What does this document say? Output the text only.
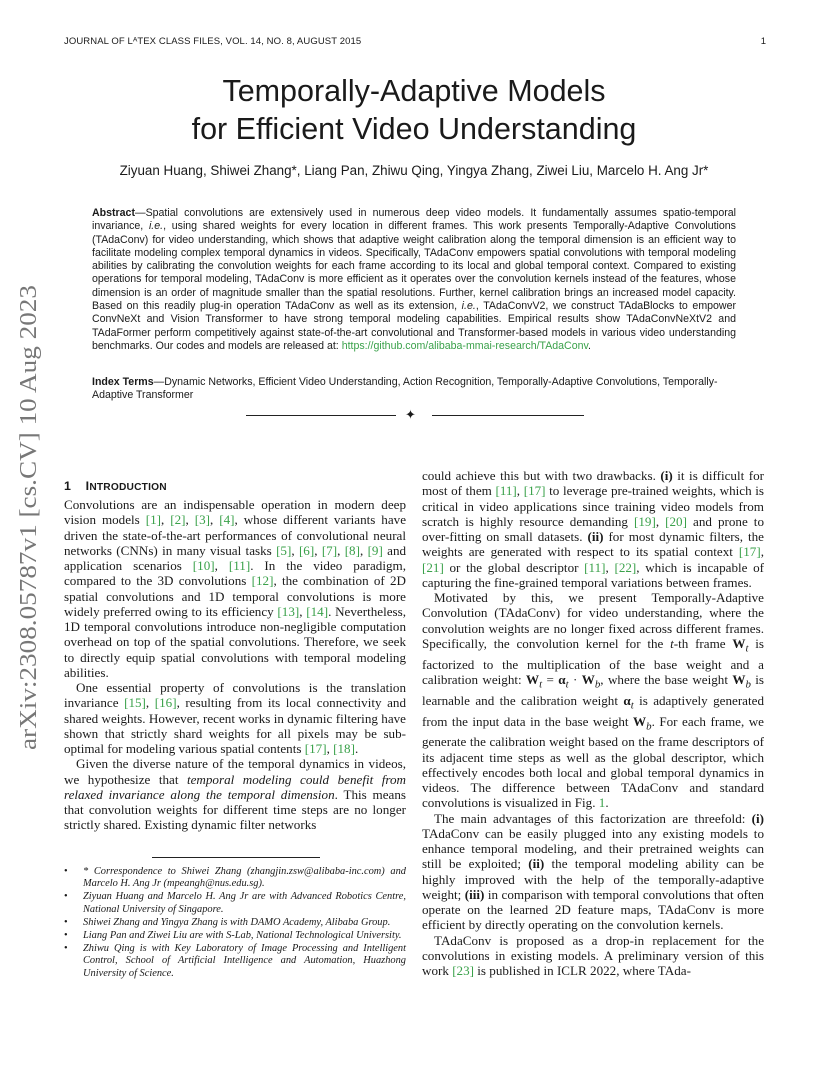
JOURNAL OF LᴬTEX CLASS FILES, VOL. 14, NO. 8, AUGUST 2015	1
arXiv:2308.05787v1 [cs.CV] 10 Aug 2023
Temporally-Adaptive Models
for Efficient Video Understanding
Ziyuan Huang, Shiwei Zhang*, Liang Pan, Zhiwu Qing, Yingya Zhang, Ziwei Liu, Marcelo H. Ang Jr*
Abstract—Spatial convolutions are extensively used in numerous deep video models. It fundamentally assumes spatio-temporal invariance, i.e., using shared weights for every location in different frames. This work presents Temporally-Adaptive Convolutions (TAdaConv) for video understanding, which shows that adaptive weight calibration along the temporal dimension is an efficient way to facilitate modeling complex temporal dynamics in videos. Specifically, TAdaConv empowers spatial convolutions with temporal modeling abilities by calibrating the convolution weights for each frame according to its local and global temporal context. Compared to existing operations for temporal modeling, TAdaConv is more efficient as it operates over the convolution kernels instead of the features, whose dimension is an order of magnitude smaller than the spatial resolutions. Further, kernel calibration brings an increased model capacity. Based on this readily plug-in operation TAdaConv as well as its extension, i.e., TAdaConvV2, we construct TAdaBlocks to empower ConvNeXt and Vision Transformer to have strong temporal modeling capabilities. Empirical results show TAdaConvNeXtV2 and TAdaFormer perform competitively against state-of-the-art convolutional and Transformer-based models in various video understanding benchmarks. Our codes and models are released at: https://github.com/alibaba-mmai-research/TAdaConv.
Index Terms—Dynamic Networks, Efficient Video Understanding, Action Recognition, Temporally-Adaptive Convolutions, Temporally-Adaptive Transformer
✦
1 INTRODUCTION

Convolutions are an indispensable operation in modern deep vision models [1], [2], [3], [4], whose different variants have driven the state-of-the-art performances of convolutional neural networks (CNNs) in many visual tasks [5], [6], [7], [8], [9] and application scenarios [10], [11]. In the video paradigm, compared to the 3D convolutions [12], the combination of 2D spatial convolutions and 1D temporal convolutions is more widely preferred owing to its efficiency [13], [14]. Nevertheless, 1D temporal convolutions introduce non-negligible computation overhead on top of the spatial convolutions. Therefore, we seek to directly equip spatial convolutions with temporal modeling abilities.

One essential property of convolutions is the translation invariance [15], [16], resulting from its local connectivity and shared weights. However, recent works in dynamic filtering have shown that strictly shard weights for all pixels may be sub-optimal for modeling various spatial contents [17], [18].

Given the diverse nature of the temporal dynamics in videos, we hypothesize that temporal modeling could benefit from relaxed invariance along the temporal dimension. This means that convolution weights for different time steps are no longer strictly shared. Existing dynamic filter networks

• * Correspondence to Shiwei Zhang (zhangjin.zsw@alibaba-inc.com) and Marcelo H. Ang Jr (mpeangh@nus.edu.sg).
• Ziyuan Huang and Marcelo H. Ang Jr are with Advanced Robotics Centre, National University of Singapore.
• Shiwei Zhang and Yingya Zhang is with DAMO Academy, Alibaba Group.
• Liang Pan and Ziwei Liu are with S-Lab, National Technological University.
• Zhiwu Qing is with Key Laboratory of Image Processing and Intelligent Control, School of Artificial Intelligence and Automation, Huazhong University of Science.

could achieve this but with two drawbacks. (i) it is difficult for most of them [11], [17] to leverage pre-trained weights, which is critical in video applications since training video models from scratch is highly resource demanding [19], [20] and prone to over-fitting on small datasets. (ii) for most dynamic filters, the weights are generated with respect to its spatial context [17], [21] or the global descriptor [11], [22], which is incapable of capturing the fine-grained temporal variations between frames.

Motivated by this, we present Temporally-Adaptive Convolution (TAdaConv) for video understanding, where the convolution weights are no longer fixed across different frames. Specifically, the convolution kernel for the t-th frame $W_t$ is factorized to the multiplication of the base weight and a calibration weight: $W_t = \alpha_t \cdot W_b$, where the base weight $W_b$ is learnable and the calibration weight $\alpha_t$ is adaptively generated from the input data in the base weight $W_b$. For each frame, we generate the calibration weight based on the frame descriptors of its adjacent time steps as well as the global descriptor, which effectively encodes both local and global temporal dynamics in videos. The difference between TAdaConv and standard convolutions is visualized in Fig. 1.

The main advantages of this factorization are threefold: (i) TAdaConv can be easily plugged into any existing models to enhance temporal modeling, and their pretrained weights can still be exploited; (ii) the temporal modeling ability can be highly improved with the help of the temporally-adaptive weight; (iii) in comparison with temporal convolutions that often operate on the learned 2D feature maps, TAdaConv is more efficient by directly operating on the convolution kernels.

TAdaConv is proposed as a drop-in replacement for the convolutions in existing models. A preliminary version of this work [23] is published in ICLR 2022, where TAda-
